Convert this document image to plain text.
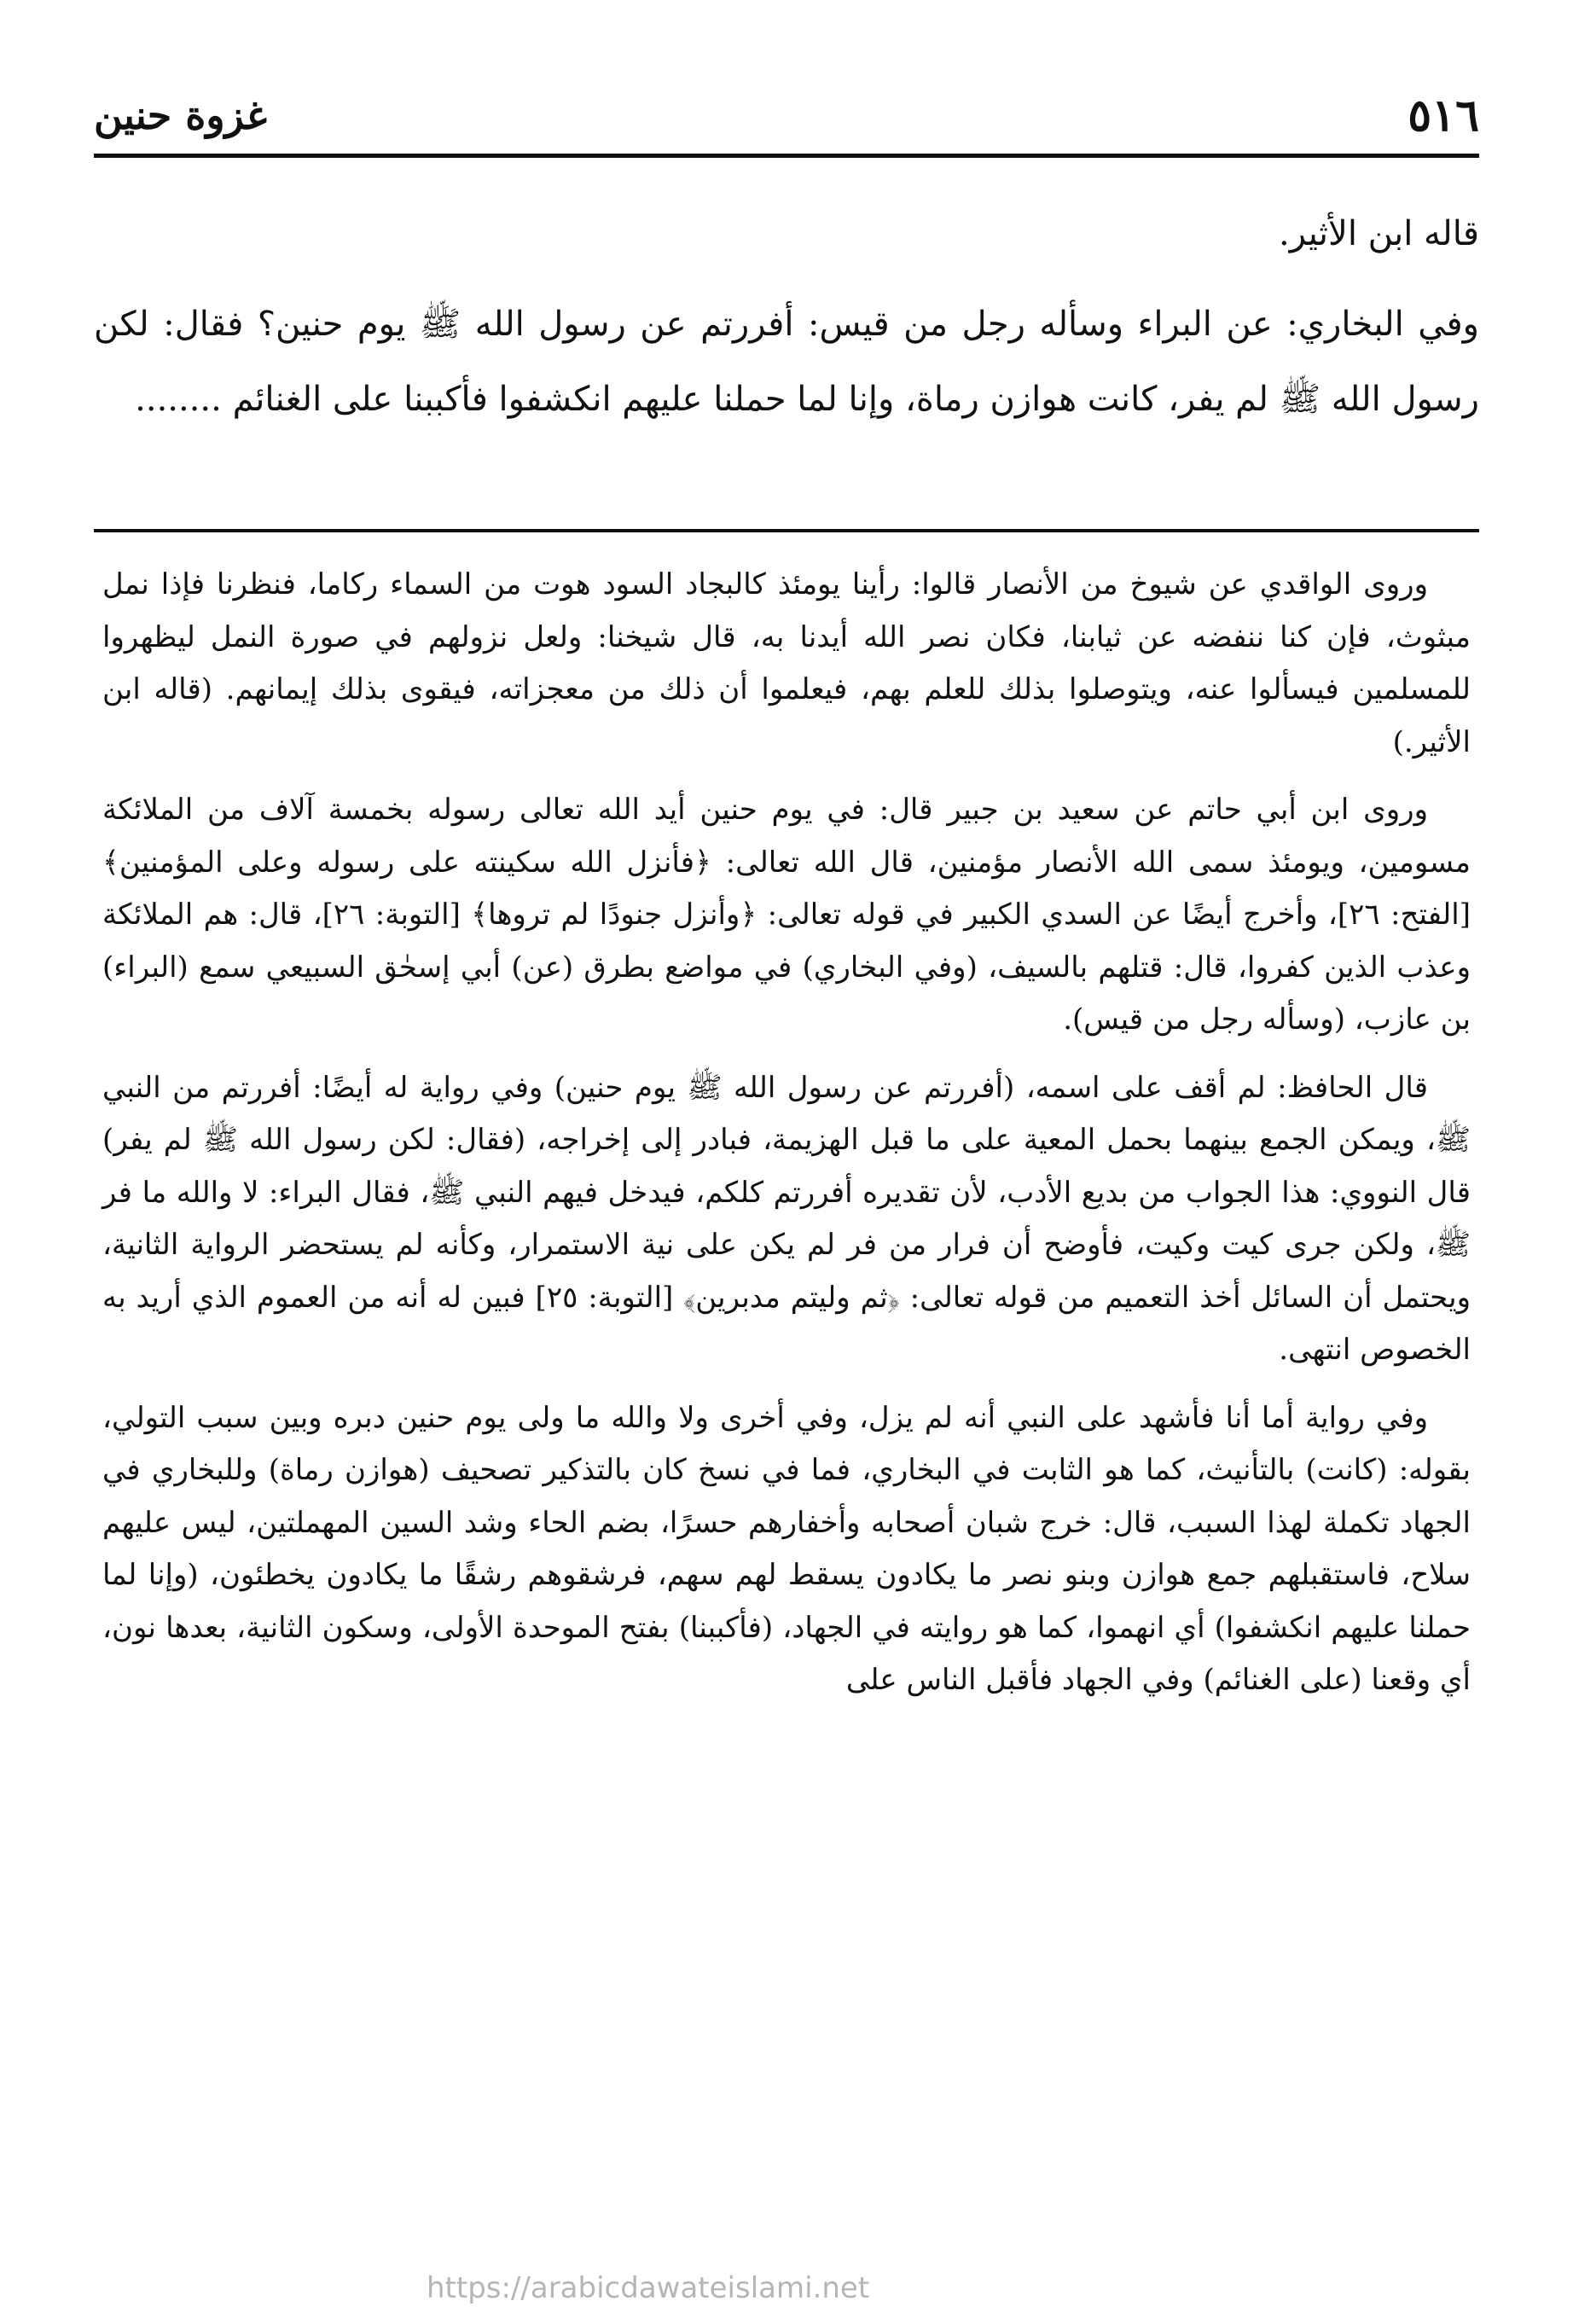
٥١٦
غزوة حنين

قاله ابن الأثير.

وفي البخاري: عن البراء وسأله رجل من قيس: أفررتم عن رسول الله ﷺ يوم حنين؟ فقال: لكن رسول الله ﷺ لم يفر، كانت هوازن رماة، وإنا لما حملنا عليهم انكشفوا فأكببنا على الغنائم ........

وروى الواقدي عن شيوخ من الأنصار قالوا: رأينا يومئذ كالبجاد السود هوت من السماء ركاما، فنظرنا فإذا نمل مبثوث، فإن كنا ننفضه عن ثيابنا، فكان نصر الله أيدنا به، قال شيخنا: ولعل نزولهم في صورة النمل ليظهروا للمسلمين فيسألوا عنه، ويتوصلوا بذلك للعلم بهم، فيعلموا أن ذلك من معجزاته، فيقوى بذلك إيمانهم. (قاله ابن الأثير.)

وروى ابن أبي حاتم عن سعيد بن جبير قال: في يوم حنين أيد الله تعالى رسوله بخمسة آلاف من الملائكة مسومين، ويومئذ سمى الله الأنصار مؤمنين، قال الله تعالى: ﴿فأنزل الله سكينته على رسوله وعلى المؤمنين﴾ [الفتح: ٢٦]، وأخرج أيضًا عن السدي الكبير في قوله تعالى: ﴿وأنزل جنودًا لم تروها﴾ [التوبة: ٢٦]، قال: هم الملائكة وعذب الذين كفروا، قال: قتلهم بالسيف، (وفي البخاري) في مواضع بطرق (عن) أبي إسحٰق السبيعي سمع (البراء) بن عازب، (وسأله رجل من قيس).

قال الحافظ: لم أقف على اسمه، (أفررتم عن رسول الله ﷺ يوم حنين) وفي رواية له أيضًا: أفررتم من النبي ﷺ، ويمكن الجمع بينهما بحمل المعية على ما قبل الهزيمة، فبادر إلى إخراجه، (فقال: لكن رسول الله ﷺ لم يفر) قال النووي: هذا الجواب من بديع الأدب، لأن تقديره أفررتم كلكم، فيدخل فيهم النبي ﷺ، فقال البراء: لا والله ما فر ﷺ، ولكن جرى كيت وكيت، فأوضح أن فرار من فر لم يكن على نية الاستمرار، وكأنه لم يستحضر الرواية الثانية، ويحتمل أن السائل أخذ التعميم من قوله تعالى: ﴿ثم وليتم مدبرين﴾ [التوبة: ٢٥] فبين له أنه من العموم الذي أريد به الخصوص انتهى.

وفي رواية أما أنا فأشهد على النبي أنه لم يزل، وفي أخرى ولا والله ما ولى يوم حنين دبره وبين سبب التولي، بقوله: (كانت) بالتأنيث، كما هو الثابت في البخاري، فما في نسخ كان بالتذكير تصحيف (هوازن رماة) وللبخاري في الجهاد تكملة لهذا السبب، قال: خرج شبان أصحابه وأخفارهم حسرًا، بضم الحاء وشد السين المهملتين، ليس عليهم سلاح، فاستقبلهم جمع هوازن وبنو نصر ما يكادون يسقط لهم سهم، فرشقوهم رشقًا ما يكادون يخطئون، (وإنا لما حملنا عليهم انكشفوا) أي انهموا، كما هو روايته في الجهاد، (فأكببنا) بفتح الموحدة الأولى، وسكون الثانية، بعدها نون، أي وقعنا (على الغنائم) وفي الجهاد فأقبل الناس على

https://arabicdawateislami.net
